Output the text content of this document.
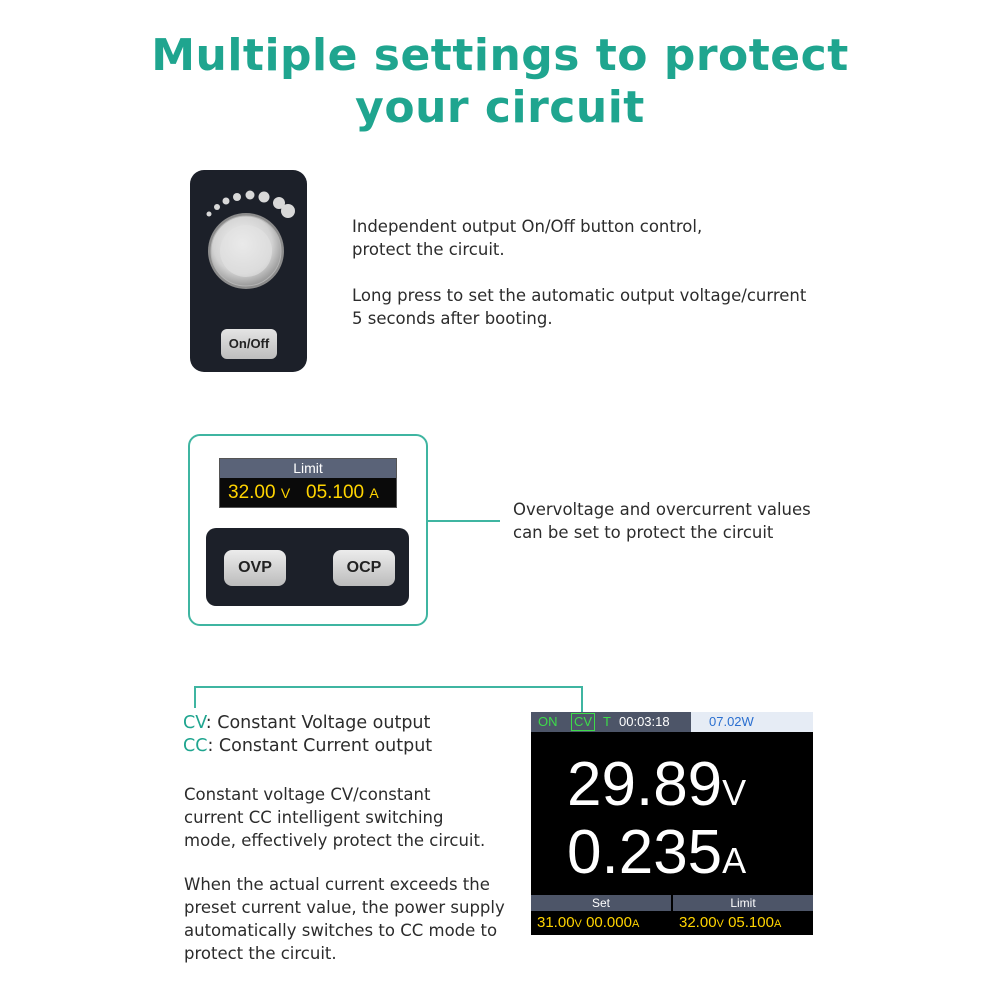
Multiple settings to protect
your circuit
On/Off

Independent output On/Off button control,

protect the circuit.

Long press to set the automatic output voltage/current

5 seconds after booting.

Limit
32.00 V 05.100 A
OVP	OCP

Overvoltage and overcurrent values

can be set to protect the circuit

CV: Constant Voltage output

CC: Constant Current output

Constant voltage CV/constant

current CC intelligent switching

mode, effectively protect the circuit.

When the actual current exceeds the

preset current value, the power supply

automatically switches to CC mode to

protect the circuit.

ON CV T 00:03:18	07.02W
29.89V
0.235A
Set
31.00V 00.000A
Limit
32.00V 05.100A
